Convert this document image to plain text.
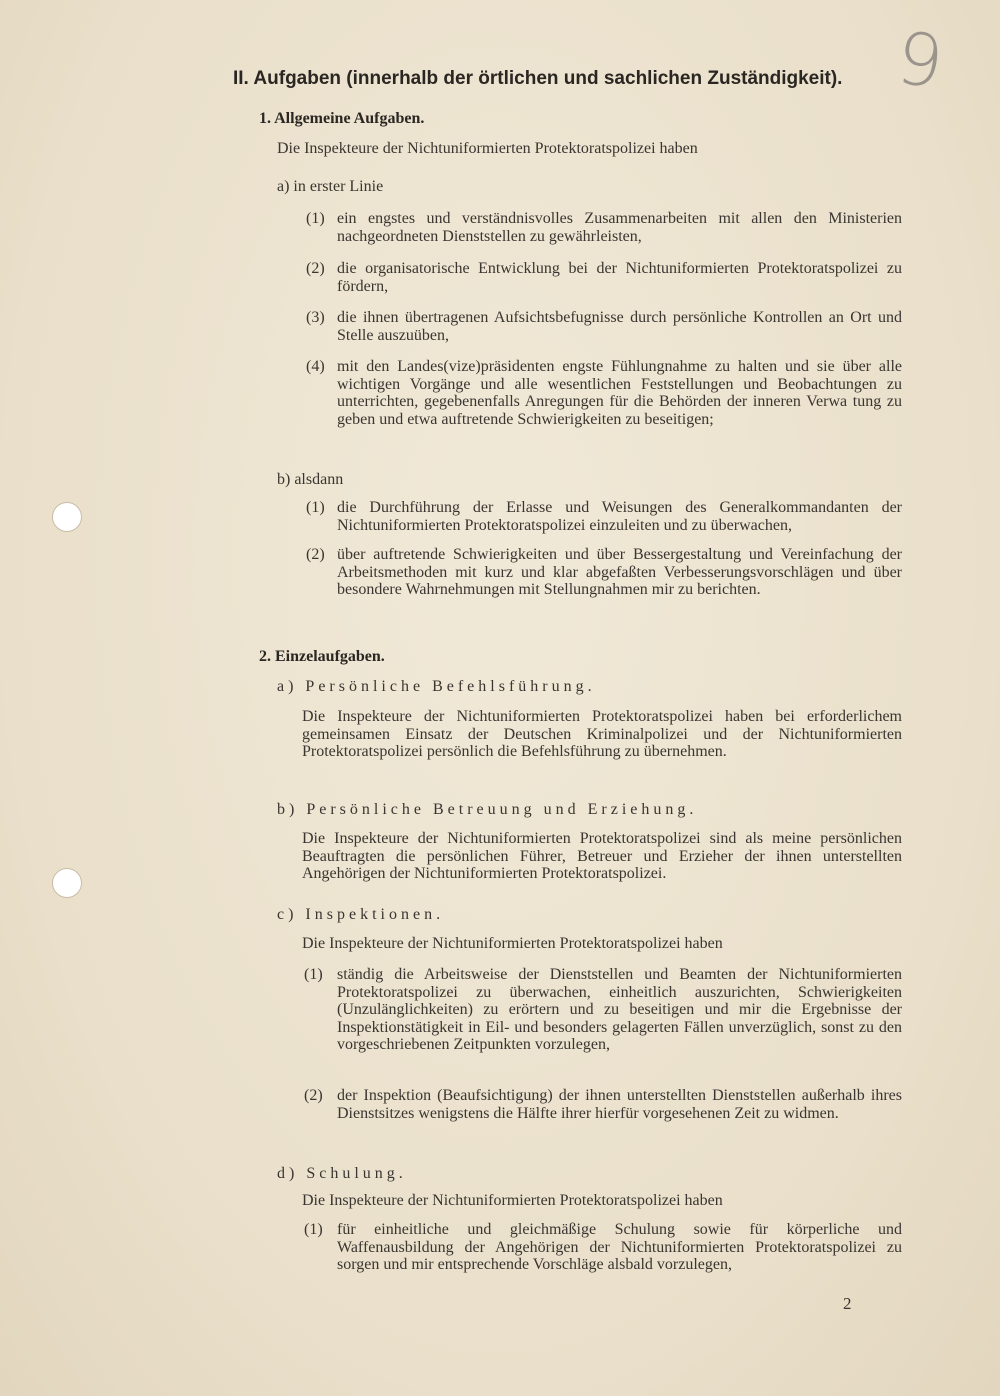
9
II. Aufgaben (innerhalb der örtlichen und sachlichen Zuständigkeit).
1. Allgemeine Aufgaben.
Die Inspekteure der Nichtuniformierten Protektoratspolizei haben
a) in erster Linie
(1) ein engstes und verständnisvolles Zusammenarbeiten mit allen den Ministerien nachgeordneten Dienststellen zu gewährleisten,
(2) die organisatorische Entwicklung bei der Nichtuniformierten Protektoratspolizei zu fördern,
(3) die ihnen übertragenen Aufsichtsbefugnisse durch persönliche Kontrollen an Ort und Stelle auszuüben,
(4) mit den Landes(vize)präsidenten engste Fühlungnahme zu halten und sie über alle wichtigen Vorgänge und alle wesentlichen Feststellungen und Beobachtungen zu unterrichten, gegebenenfalls Anregungen für die Behörden der inneren Verwa tung zu geben und etwa auftretende Schwierigkeiten zu beseitigen;
b) alsdann
(1) die Durchführung der Erlasse und Weisungen des Generalkommandanten der Nichtuniformierten Protektoratspolizei einzuleiten und zu überwachen,
(2) über auftretende Schwierigkeiten und über Bessergestaltung und Vereinfachung der Arbeitsmethoden mit kurz und klar abgefaßten Verbesserungsvorschlägen und über besondere Wahrnehmungen mit Stellungnahmen mir zu berichten.
2. Einzelaufgaben.
a) Persönliche Befehlsführung.
Die Inspekteure der Nichtuniformierten Protektoratspolizei haben bei erforderlichem gemeinsamen Einsatz der Deutschen Kriminalpolizei und der Nichtuniformierten Protektoratspolizei persönlich die Befehlsführung zu übernehmen.
b) Persönliche Betreuung und Erziehung.
Die Inspekteure der Nichtuniformierten Protektoratspolizei sind als meine persönlichen Beauftragten die persönlichen Führer, Betreuer und Erzieher der ihnen unterstellten Angehörigen der Nichtuniformierten Protektoratspolizei.
c) Inspektionen.
Die Inspekteure der Nichtuniformierten Protektoratspolizei haben
(1) ständig die Arbeitsweise der Dienststellen und Beamten der Nichtuniformierten Protektoratspolizei zu überwachen, einheitlich auszurichten, Schwierigkeiten (Unzulänglichkeiten) zu erörtern und zu beseitigen und mir die Ergebnisse der Inspektionstätigkeit in Eil- und besonders gelagerten Fällen unverzüglich, sonst zu den vorgeschriebenen Zeitpunkten vorzulegen,
(2) der Inspektion (Beaufsichtigung) der ihnen unterstellten Dienststellen außerhalb ihres Dienstsitzes wenigstens die Hälfte ihrer hierfür vorgesehenen Zeit zu widmen.
d) Schulung.
Die Inspekteure der Nichtuniformierten Protektoratspolizei haben
(1) für einheitliche und gleichmäßige Schulung sowie für körperliche und Waffenausbildung der Angehörigen der Nichtuniformierten Protektoratspolizei zu sorgen und mir entsprechende Vorschläge alsbald vorzulegen,
2
